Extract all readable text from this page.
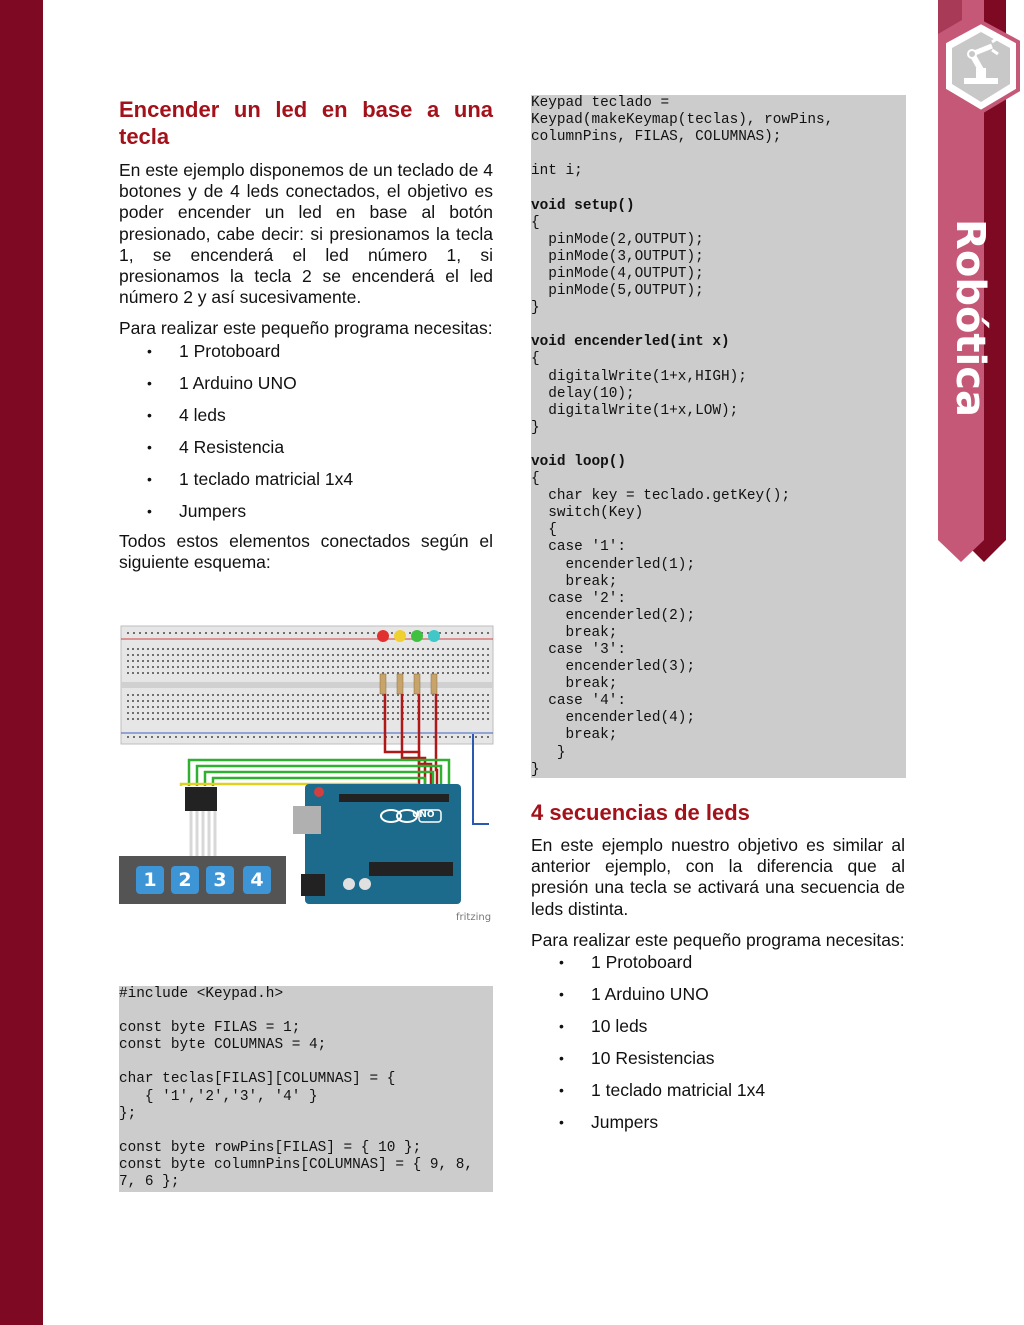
Robótica
Encender un led en base a una tecla

En este ejemplo disponemos de un teclado de 4 botones y de 4 leds conectados, el objetivo es poder encender un led en base al botón presionado, cabe decir: si presionamos la tecla 1, se encenderá el led número 1, si presionamos la tecla 2 se encenderá el led número 2 y así sucesivamente.

Para realizar este pequeño programa necesitas:

• 1 Protoboard
• 1 Arduino UNO
• 4 leds
• 4 Resistencia
• 1 teclado matricial 1x4
• Jumpers

Todos estos elementos conectados según el siguiente esquema:

1	2	3	4
UNO
fritzing
#include <Keypad.h>

const byte FILAS = 1;
const byte COLUMNAS = 4;

char teclas[FILAS][COLUMNAS] = {
{ '1','2','3', '4' }
};

const byte rowPins[FILAS] = { 10 };
const byte columnPins[COLUMNAS] = { 9, 8,
7, 6 };
Keypad teclado =
Keypad(makeKeymap(teclas), rowPins,
columnPins, FILAS, COLUMNAS);

int i;

void setup()
{
pinMode(2,OUTPUT);
pinMode(3,OUTPUT);
pinMode(4,OUTPUT);
pinMode(5,OUTPUT);
}

void encenderled(int x)
{
digitalWrite(1+x,HIGH);
delay(10);
digitalWrite(1+x,LOW);
}

void loop()
{
char key = teclado.getKey();
switch(Key)
{
case '1':
encenderled(1);
break;
case '2':
encenderled(2);
break;
case '3':
encenderled(3);
break;
case '4':
encenderled(4);
break;
}
}
4 secuencias de leds

En este ejemplo nuestro objetivo es similar al anterior ejemplo, con la diferencia que al presión una tecla se activará una secuencia de leds distinta.

Para realizar este pequeño programa necesitas:

• 1 Protoboard
• 1 Arduino UNO
• 10 leds
• 10 Resistencias
• 1 teclado matricial 1x4
• Jumpers
